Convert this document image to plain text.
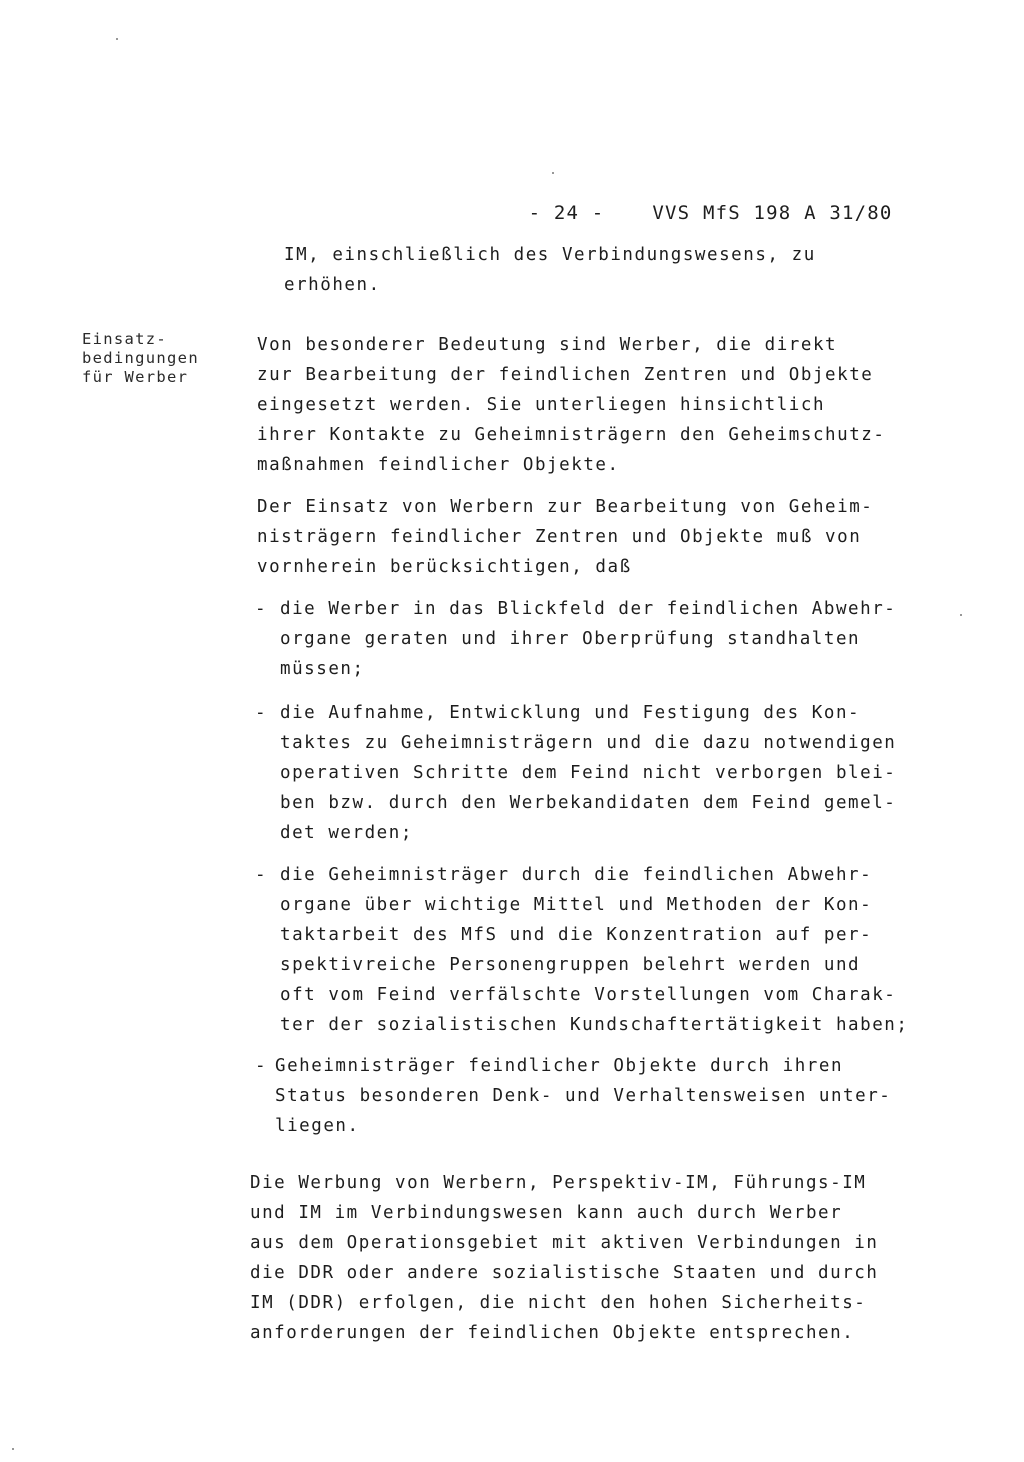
- 24 -	VVS MfS 198 A 31/80

Einsatz-
bedingungen
für Werber
IM, einschließlich des Verbindungswesens, zu
erhöhen.
Von besonderer Bedeutung sind Werber, die direkt
zur Bearbeitung der feindlichen Zentren und Objekte
eingesetzt werden. Sie unterliegen hinsichtlich
ihrer Kontakte zu Geheimnisträgern den Geheimschutz-
maßnahmen feindlicher Objekte.
Der Einsatz von Werbern zur Bearbeitung von Geheim-
nisträgern feindlicher Zentren und Objekte muß von
vornherein berücksichtigen, daß
- die Werber in das Blickfeld der feindlichen Abwehr-
organe geraten und ihrer Oberprüfung standhalten
müssen;
- die Aufnahme, Entwicklung und Festigung des Kon-
taktes zu Geheimnisträgern und die dazu notwendigen
operativen Schritte dem Feind nicht verborgen blei-
ben bzw. durch den Werbekandidaten dem Feind gemel-
det werden;
- die Geheimnisträger durch die feindlichen Abwehr-
organe über wichtige Mittel und Methoden der Kon-
taktarbeit des MfS und die Konzentration auf per-
spektivreiche Personengruppen belehrt werden und
oft vom Feind verfälschte Vorstellungen vom Charak-
ter der sozialistischen Kundschaftertätigkeit haben;
- Geheimnisträger feindlicher Objekte durch ihren
Status besonderen Denk- und Verhaltensweisen unter-
liegen.
Die Werbung von Werbern, Perspektiv-IM, Führungs-IM
und IM im Verbindungswesen kann auch durch Werber
aus dem Operationsgebiet mit aktiven Verbindungen in
die DDR oder andere sozialistische Staaten und durch
IM (DDR) erfolgen, die nicht den hohen Sicherheits-
anforderungen der feindlichen Objekte entsprechen.
